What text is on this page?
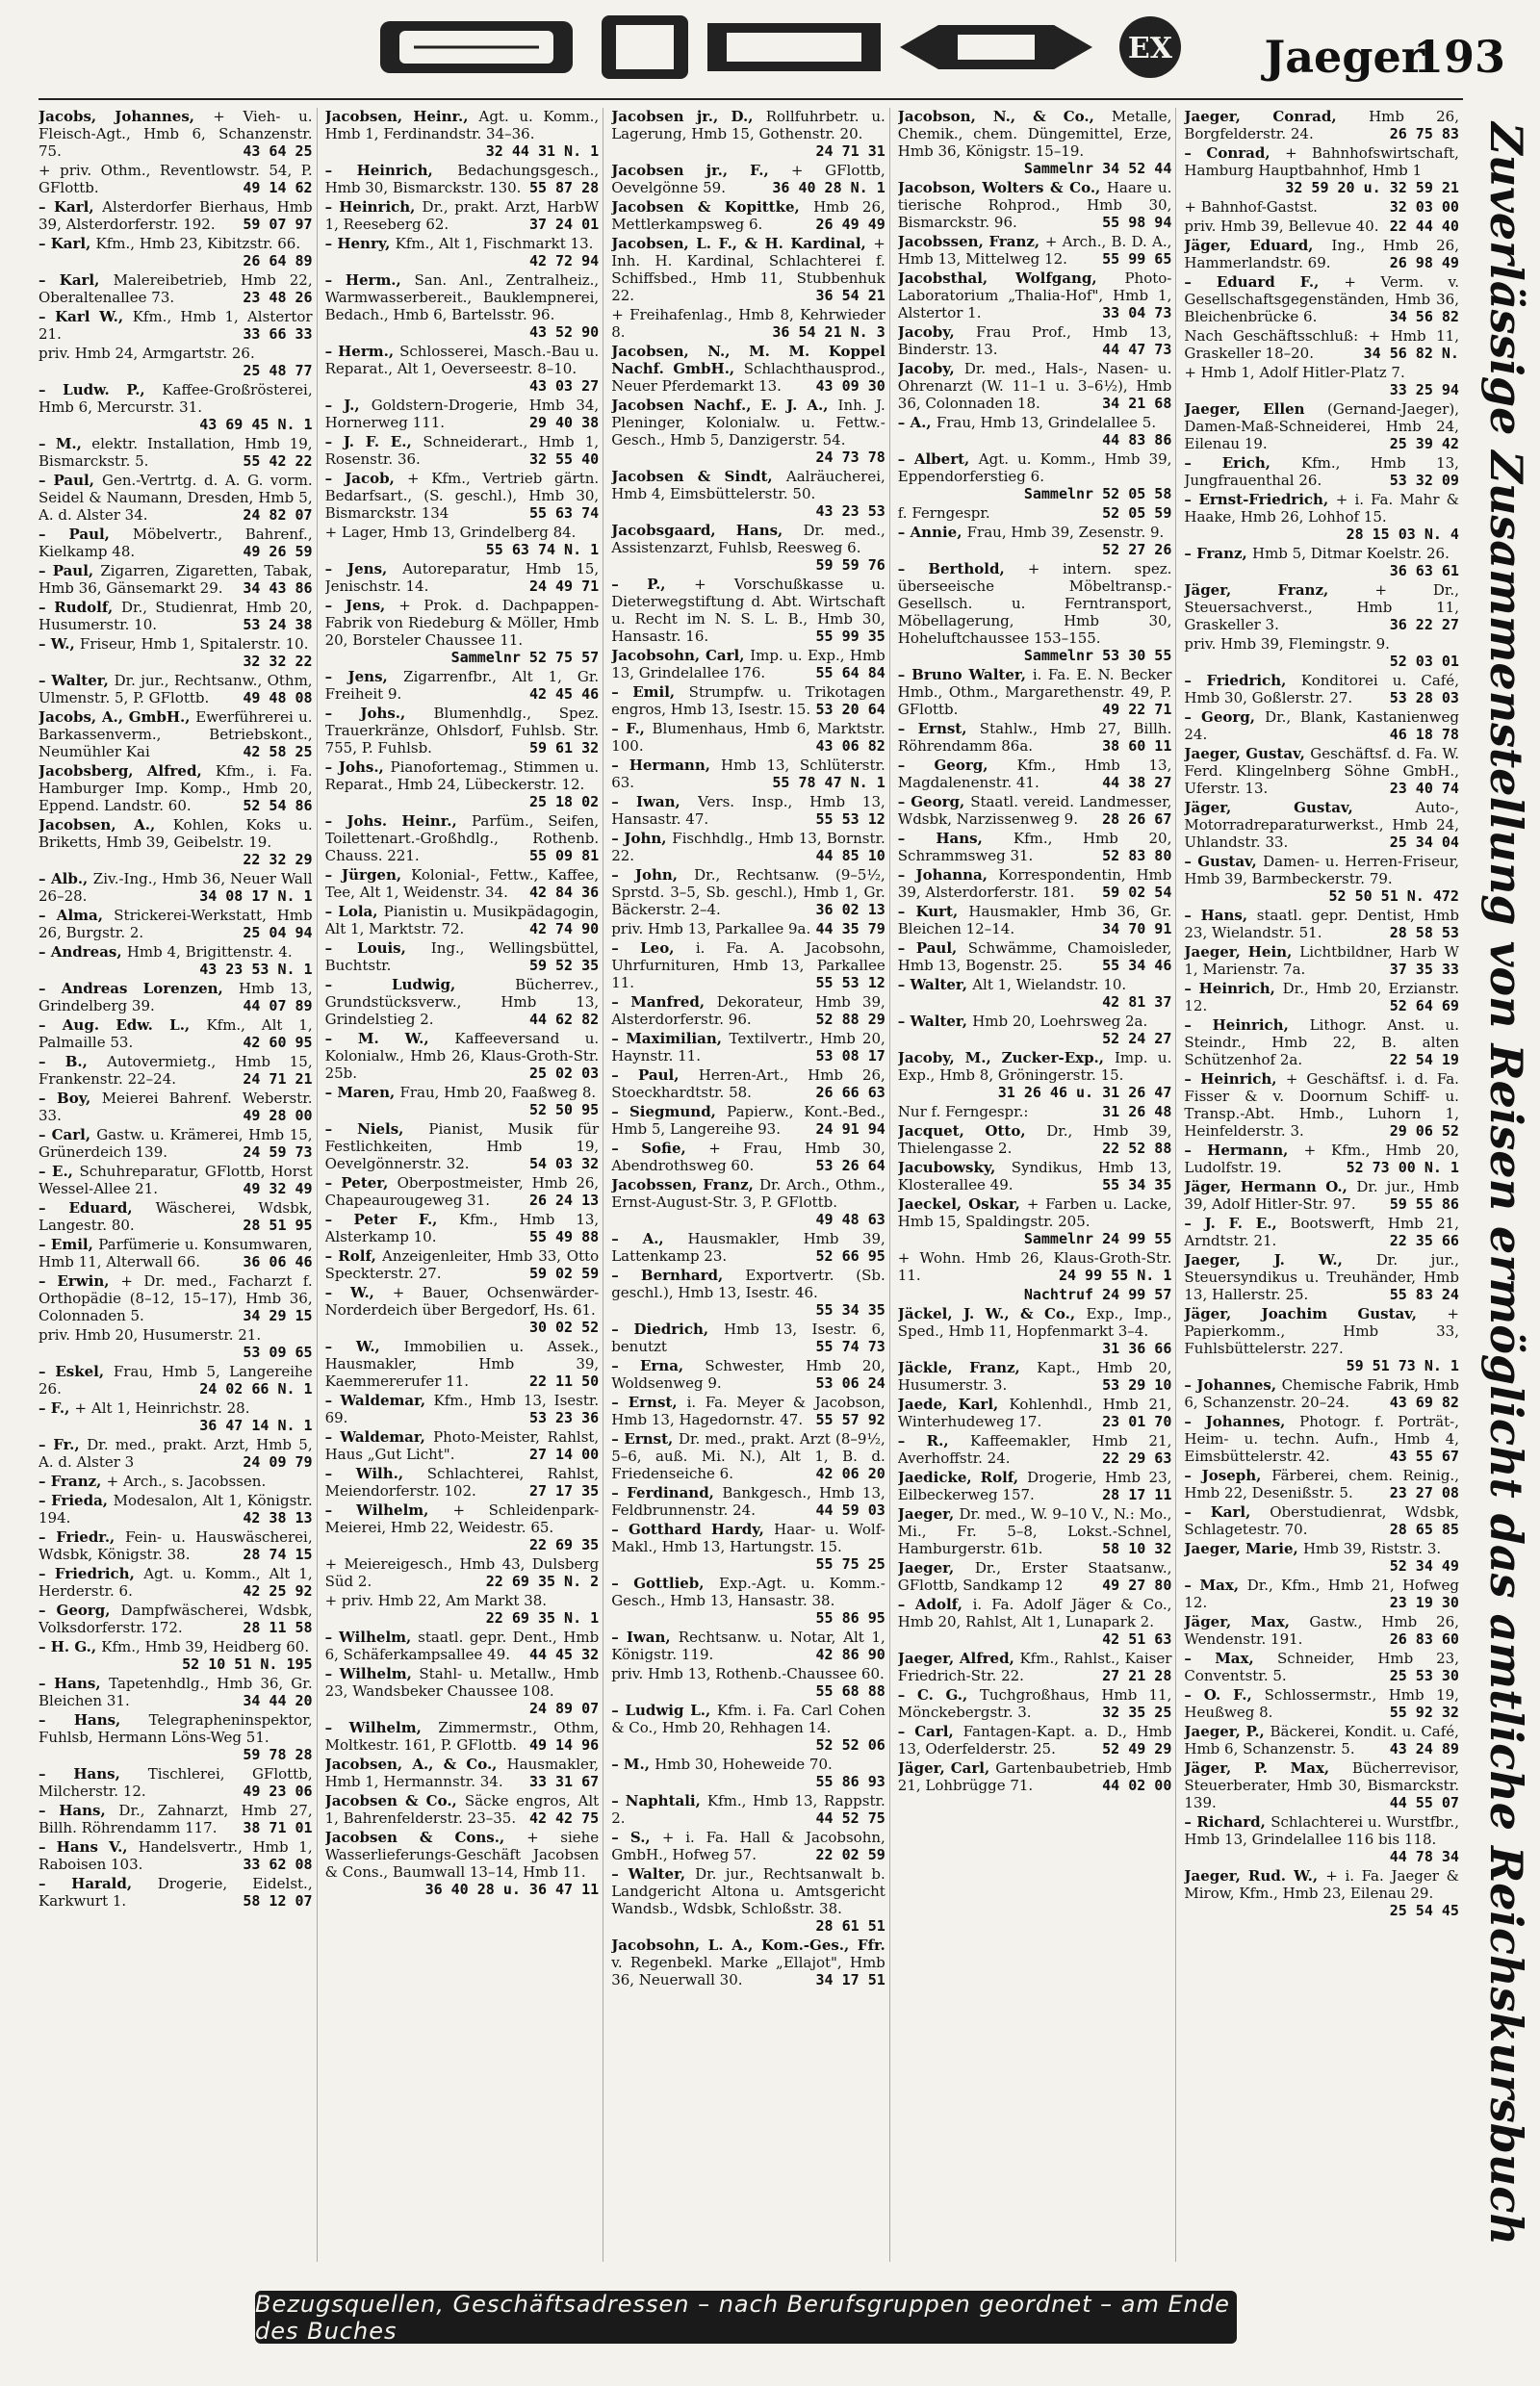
EX Jaeger
193
Jacobs, Johannes, + Vieh- u. Fleisch-Agt., Hmb 6, Schanzenstr. 75.	43 64 25
+ priv. Othm., Reventlowstr. 54, P. GFlottb.	49 14 62
– Karl, Alsterdorfer Bierhaus, Hmb 39, Alsterdorferstr. 192. 59 07 97
– Karl, Kfm., Hmb 23, Kibitzstr. 66.
26 64 89
– Karl, Malereibetrieb, Hmb 22, Oberaltenallee 73.	23 48 26
– Karl W., Kfm., Hmb 1, Alstertor 21.	33 66 33
priv. Hmb 24, Armgartstr. 26.
25 48 77
– Ludw. P., Kaffee-Großrösterei, Hmb 6, Mercurstr. 31.
43 69 45 N. 1
– M., elektr. Installation, Hmb 19, Bismarckstr. 5.	55 42 22
– Paul, Gen.-Vertrtg. d. A. G. vorm. Seidel & Naumann, Dresden, Hmb 5, A. d. Alster 34.	24 82 07
– Paul, Möbelvertr., Bahrenf., Kielkamp 48.	49 26 59
– Paul, Zigarren, Zigaretten, Tabak, Hmb 36, Gänsemarkt 29. 34 43 86
– Rudolf, Dr., Studienrat, Hmb 20, Husumerstr. 10.	53 24 38
– W., Friseur, Hmb 1, Spitalerstr. 10.
32 32 22
– Walter, Dr. jur., Rechtsanw., Othm, Ulmenstr. 5, P. GFlottb. 49 48 08
Jacobs, A., GmbH., Ewerführerei u. Barkassenverm., Betriebskont., Neumühler Kai	42 58 25
Jacobsberg, Alfred, Kfm., i. Fa. Hamburger Imp. Komp., Hmb 20, Eppend. Landstr. 60.	52 54 86
Jacobsen, A., Kohlen, Koks u. Briketts, Hmb 39, Geibelstr. 19.
22 32 29
– Alb., Ziv.-Ing., Hmb 36, Neuer Wall 26–28.	34 08 17 N. 1
– Alma, Strickerei-Werkstatt, Hmb 26, Burgstr. 2.	25 04 94
– Andreas, Hmb 4, Brigittenstr. 4.
43 23 53 N. 1
– Andreas Lorenzen, Hmb 13, Grindelberg 39.	44 07 89
– Aug. Edw. L., Kfm., Alt 1, Palmaille 53.	42 60 95
– B., Autovermietg., Hmb 15, Frankenstr. 22–24.	24 71 21
– Boy, Meierei Bahrenf. Weberstr. 33.	49 28 00
– Carl, Gastw. u. Krämerei, Hmb 15, Grünerdeich 139.	24 59 73
– E., Schuhreparatur, GFlottb, Horst Wessel-Allee 21.	49 32 49
– Eduard, Wäscherei, Wdsbk, Langestr. 80.	28 51 95
– Emil, Parfümerie u. Konsumwaren, Hmb 11, Alterwall 66.	36 06 46
– Erwin, + Dr. med., Facharzt f. Orthopädie (8–12, 15–17), Hmb 36, Colonnaden 5.	34 29 15
priv. Hmb 20, Husumerstr. 21.
53 09 65
– Eskel, Frau, Hmb 5, Langereihe 26.	24 02 66 N. 1
– F., + Alt 1, Heinrichstr. 28.
36 47 14 N. 1
– Fr., Dr. med., prakt. Arzt, Hmb 5, A. d. Alster 3	24 09 79
– Franz, + Arch., s. Jacobssen.
– Frieda, Modesalon, Alt 1, Königstr. 194.	42 38 13
– Friedr., Fein- u. Hauswäscherei, Wdsbk, Königstr. 38.	28 74 15
– Friedrich, Agt. u. Komm., Alt 1, Herderstr. 6.	42 25 92
– Georg, Dampfwäscherei, Wdsbk, Volksdorferstr. 172.	28 11 58
– H. G., Kfm., Hmb 39, Heidberg 60.
52 10 51 N. 195
– Hans, Tapetenhdlg., Hmb 36, Gr. Bleichen 31.	34 44 20
– Hans, Telegrapheninspektor, Fuhlsb, Hermann Löns-Weg 51.
59 78 28
– Hans, Tischlerei, GFlottb, Milcherstr. 12.	49 23 06
– Hans, Dr., Zahnarzt, Hmb 27, Billh. Röhrendamm 117. 38 71 01
– Hans V., Handelsvertr., Hmb 1, Raboisen 103.	33 62 08
– Harald, Drogerie, Eidelst., Karkwurt 1.	58 12 07
Jacobsen, Heinr., Agt. u. Komm., Hmb 1, Ferdinandstr. 34–36.
32 44 31 N. 1
– Heinrich, Bedachungsgesch., Hmb 30, Bismarckstr. 130. 55 87 28
– Heinrich, Dr., prakt. Arzt, HarbW 1, Reeseberg 62.	37 24 01
– Henry, Kfm., Alt 1, Fischmarkt 13.
42 72 94
– Herm., San. Anl., Zentralheiz., Warmwasserbereit., Bauklempnerei, Bedach., Hmb 6, Bartelsstr. 96.
43 52 90
– Herm., Schlosserei, Masch.-Bau u. Reparat., Alt 1, Oeverseestr. 8–10.
43 03 27
– J., Goldstern-Drogerie, Hmb 34, Hornerweg 111.	29 40 38
– J. F. E., Schneiderart., Hmb 1, Rosenstr. 36.	32 55 40
– Jacob, + Kfm., Vertrieb gärtn. Bedarfsart., (S. geschl.), Hmb 30, Bismarckstr. 134	55 63 74
+ Lager, Hmb 13, Grindelberg 84.
55 63 74 N. 1
– Jens, Autoreparatur, Hmb 15, Jenischstr. 14.	24 49 71
– Jens, + Prok. d. Dachpappen-Fabrik von Riedeburg & Möller, Hmb 20, Borsteler Chaussee 11.
Sammelnr 52 75 57
– Jens, Zigarrenfbr., Alt 1, Gr. Freiheit 9.	42 45 46
– Johs., Blumenhdlg., Spez. Trauerkränze, Ohlsdorf, Fuhlsb. Str. 755, P. Fuhlsb.	59 61 32
– Johs., Pianofortemag., Stimmen u. Reparat., Hmb 24, Lübeckerstr. 12.
25 18 02
– Johs. Heinr., Parfüm., Seifen, Toilettenart.-Großhdlg., Rothenb. Chauss. 221.	55 09 81
– Jürgen, Kolonial-, Fettw., Kaffee, Tee, Alt 1, Weidenstr. 34. 42 84 36
– Lola, Pianistin u. Musikpädagogin, Alt 1, Marktstr. 72.	42 74 90
– Louis, Ing., Wellingsbüttel, Buchtstr.	59 52 35
– Ludwig, Bücherrev., Grundstücksverw., Hmb 13, Grindelstieg 2.	44 62 82
– M. W., Kaffeeversand u. Kolonialw., Hmb 26, Klaus-Groth-Str. 25b.	25 02 03
– Maren, Frau, Hmb 20, Faaßweg 8.
52 50 95
– Niels, Pianist, Musik für Festlichkeiten, Hmb 19, Oevelgönnerstr. 32.	54 03 32
– Peter, Oberpostmeister, Hmb 26, Chapeaurougeweg 31.	26 24 13
– Peter F., Kfm., Hmb 13, Alsterkamp 10.	55 49 88
– Rolf, Anzeigenleiter, Hmb 33, Otto Speckterstr. 27.	59 02 59
– W., + Bauer, Ochsenwärder-Norderdeich über Bergedorf, Hs. 61.
30 02 52
– W., Immobilien u. Assek., Hausmakler, Hmb 39, Kaemmererufer 11.	22 11 50
– Waldemar, Kfm., Hmb 13, Isestr. 69.	53 23 36
– Waldemar, Photo-Meister, Rahlst, Haus „Gut Licht".	27 14 00
– Wilh., Schlachterei, Rahlst, Meiendorferstr. 102.	27 17 35
– Wilhelm, + Schleidenpark-Meierei, Hmb 22, Weidestr. 65.
22 69 35
+ Meiereigesch., Hmb 43, Dulsberg Süd 2.	22 69 35 N. 2
+ priv. Hmb 22, Am Markt 38.
22 69 35 N. 1
– Wilhelm, staatl. gepr. Dent., Hmb 6, Schäferkampsallee 49. 44 45 32
– Wilhelm, Stahl- u. Metallw., Hmb 23, Wandsbeker Chaussee 108.
24 89 07
– Wilhelm, Zimmermstr., Othm, Moltkestr. 161, P. GFlottb. 49 14 96
Jacobsen, A., & Co., Hausmakler, Hmb 1, Hermannstr. 34. 33 31 67
Jacobsen & Co., Säcke engros, Alt 1, Bahrenfelderstr. 23–35. 42 42 75
Jacobsen & Cons., + siehe Wasserlieferungs-Geschäft Jacobsen & Cons., Baumwall 13–14, Hmb 11.
36 40 28 u. 36 47 11
Jacobsen jr., D., Rollfuhrbetr. u. Lagerung, Hmb 15, Gothenstr. 20.
24 71 31
Jacobsen jr., F., + GFlottb, Oevelgönne 59.	36 40 28 N. 1
Jacobsen & Kopittke, Hmb 26, Mettlerkampsweg 6.	26 49 49
Jacobsen, L. F., & H. Kardinal, + Inh. H. Kardinal, Schlachterei f. Schiffsbed., Hmb 11, Stubbenhuk 22.	36 54 21
+ Freihafenlag., Hmb 8, Kehrwieder 8.	36 54 21 N. 3
Jacobsen, N., M. M. Koppel Nachf. GmbH., Schlachthausprod., Neuer Pferdemarkt 13. 43 09 30
Jacobsen Nachf., E. J. A., Inh. J. Pleninger, Kolonialw. u. Fettw.-Gesch., Hmb 5, Danzigerstr. 54.
24 73 78
Jacobsen & Sindt, Aalräucherei, Hmb 4, Eimsbüttelerstr. 50.
43 23 53
Jacobsgaard, Hans, Dr. med., Assistenzarzt, Fuhlsb, Reesweg 6.
59 59 76
– P., + Vorschußkasse u. Dieterwegstiftung d. Abt. Wirtschaft u. Recht im N. S. L. B., Hmb 30, Hansastr. 16.	55 99 35
Jacobsohn, Carl, Imp. u. Exp., Hmb 13, Grindelallee 176.	55 64 84
– Emil, Strumpfw. u. Trikotagen engros, Hmb 13, Isestr. 15. 53 20 64
– F., Blumenhaus, Hmb 6, Marktstr. 100.	43 06 82
– Hermann, Hmb 13, Schlüterstr. 63.	55 78 47 N. 1
– Iwan, Vers. Insp., Hmb 13, Hansastr. 47.	55 53 12
– John, Fischhdlg., Hmb 13, Bornstr. 22.	44 85 10
– John, Dr., Rechtsanw. (9–5½, Sprstd. 3–5, Sb. geschl.), Hmb 1, Gr. Bäckerstr. 2–4.	36 02 13
priv. Hmb 13, Parkallee 9a. 44 35 79
– Leo, i. Fa. A. Jacobsohn, Uhrfurnituren, Hmb 13, Parkallee 11.	55 53 12
– Manfred, Dekorateur, Hmb 39, Alsterdorferstr. 96.	52 88 29
– Maximilian, Textilvertr., Hmb 20, Haynstr. 11.	53 08 17
– Paul, Herren-Art., Hmb 26, Stoeckhardtstr. 58.	26 66 63
– Siegmund, Papierw., Kont.-Bed., Hmb 5, Langereihe 93. 24 91 94
– Sofie, + Frau, Hmb 30, Abendrothsweg 60.	53 26 64
Jacobssen, Franz, Dr. Arch., Othm., Ernst-August-Str. 3, P. GFlottb.
49 48 63
– A., Hausmakler, Hmb 39, Lattenkamp 23.	52 66 95
– Bernhard, Exportvertr. (Sb. geschl.), Hmb 13, Isestr. 46.
55 34 35
– Diedrich, Hmb 13, Isestr. 6, benutzt	55 74 73
– Erna, Schwester, Hmb 20, Woldsenweg 9.	53 06 24
– Ernst, i. Fa. Meyer & Jacobson, Hmb 13, Hagedornstr. 47. 55 57 92
– Ernst, Dr. med., prakt. Arzt (8–9½, 5–6, auß. Mi. N.), Alt 1, B. d. Friedenseiche 6.	42 06 20
– Ferdinand, Bankgesch., Hmb 13, Feldbrunnenstr. 24.	44 59 03
– Gotthard Hardy, Haar- u. Wolf-Makl., Hmb 13, Hartungstr. 15.
55 75 25
– Gottlieb, Exp.-Agt. u. Komm.-Gesch., Hmb 13, Hansastr. 38.
55 86 95
– Iwan, Rechtsanw. u. Notar, Alt 1, Königstr. 119.	42 86 90
priv. Hmb 13, Rothenb.-Chaussee 60.
55 68 88
– Ludwig L., Kfm. i. Fa. Carl Cohen & Co., Hmb 20, Rehhagen 14.
52 52 06
– M., Hmb 30, Hoheweide 70.
55 86 93
– Naphtali, Kfm., Hmb 13, Rappstr. 2.	44 52 75
– S., + i. Fa. Hall & Jacobsohn, GmbH., Hofweg 57.	22 02 59
– Walter, Dr. jur., Rechtsanwalt b. Landgericht Altona u. Amtsgericht Wandsb., Wdsbk, Schloßstr. 38.
28 61 51
Jacobsohn, L. A., Kom.-Ges., Ffr. v. Regenbekl. Marke „Ellajot", Hmb 36, Neuerwall 30.	34 17 51
Jacobson, N., & Co., Metalle, Chemik., chem. Düngemittel, Erze, Hmb 36, Königstr. 15–19.
Sammelnr 34 52 44
Jacobson, Wolters & Co., Haare u. tierische Rohprod., Hmb 30, Bismarckstr. 96.	55 98 94
Jacobssen, Franz, + Arch., B. D. A., Hmb 13, Mittelweg 12. 55 99 65
Jacobsthal, Wolfgang, Photo-Laboratorium „Thalia-Hof", Hmb 1, Alstertor 1.	33 04 73
Jacoby, Frau Prof., Hmb 13, Binderstr. 13.	44 47 73
Jacoby, Dr. med., Hals-, Nasen- u. Ohrenarzt (W. 11–1 u. 3–6½), Hmb 36, Colonnaden 18.	34 21 68
– A., Frau, Hmb 13, Grindelallee 5.
44 83 86
– Albert, Agt. u. Komm., Hmb 39, Eppendorferstieg 6.
Sammelnr 52 05 58
f. Ferngespr.	52 05 59
– Annie, Frau, Hmb 39, Zesenstr. 9.
52 27 26
– Berthold, + intern. spez. überseeische Möbeltransp.-Gesellsch. u. Ferntransport, Möbellagerung, Hmb 30, Hoheluftchaussee 153–155.
Sammelnr 53 30 55
– Bruno Walter, i. Fa. E. N. Becker Hmb., Othm., Margarethenstr. 49, P. GFlottb.	49 22 71
– Ernst, Stahlw., Hmb 27, Billh. Röhrendamm 86a.	38 60 11
– Georg, Kfm., Hmb 13, Magdalenenstr. 41.	44 38 27
– Georg, Staatl. vereid. Landmesser, Wdsbk, Narzissenweg 9. 28 26 67
– Hans, Kfm., Hmb 20, Schrammsweg 31.	52 83 80
– Johanna, Korrespondentin, Hmb 39, Alsterdorferstr. 181. 59 02 54
– Kurt, Hausmakler, Hmb 36, Gr. Bleichen 12–14.	34 70 91
– Paul, Schwämme, Chamoisleder, Hmb 13, Bogenstr. 25.	55 34 46
– Walter, Alt 1, Wielandstr. 10.
42 81 37
– Walter, Hmb 20, Loehrsweg 2a.
52 24 27
Jacoby, M., Zucker-Exp., Imp. u. Exp., Hmb 8, Gröningerstr. 15.
31 26 46 u. 31 26 47
Nur f. Ferngespr.:	31 26 48
Jacquet, Otto, Dr., Hmb 39, Thielengasse 2.	22 52 88
Jacubowsky, Syndikus, Hmb 13, Klosterallee 49.	55 34 35
Jaeckel, Oskar, + Farben u. Lacke, Hmb 15, Spaldingstr. 205.
Sammelnr 24 99 55
+ Wohn. Hmb 26, Klaus-Groth-Str. 11.	24 99 55 N. 1
Nachtruf 24 99 57
Jäckel, J. W., & Co., Exp., Imp., Sped., Hmb 11, Hopfenmarkt 3–4.
31 36 66
Jäckle, Franz, Kapt., Hmb 20, Husumerstr. 3.	53 29 10
Jaede, Karl, Kohlenhdl., Hmb 21, Winterhudeweg 17.	23 01 70
– R., Kaffeemakler, Hmb 21, Averhoffstr. 24.	22 29 63
Jaedicke, Rolf, Drogerie, Hmb 23, Eilbeckerweg 157.	28 17 11
Jaeger, Dr. med., W. 9–10 V., N.: Mo., Mi., Fr. 5–8, Lokst.-Schnel, Hamburgerstr. 61b.	58 10 32
Jaeger, Dr., Erster Staatsanw., GFlottb, Sandkamp 12	49 27 80
– Adolf, i. Fa. Adolf Jäger & Co., Hmb 20, Rahlst, Alt 1, Lunapark 2.
42 51 63
Jaeger, Alfred, Kfm., Rahlst., Kaiser Friedrich-Str. 22.	27 21 28
– C. G., Tuchgroßhaus, Hmb 11, Mönckebergstr. 3.	32 35 25
– Carl, Fantagen-Kapt. a. D., Hmb 13, Oderfelderstr. 25.	52 49 29
Jäger, Carl, Gartenbaubetrieb, Hmb 21, Lohbrügge 71.	44 02 00
Jaeger, Conrad, Hmb 26, Borgfelderstr. 24.	26 75 83
– Conrad, + Bahnhofswirtschaft, Hamburg Hauptbahnhof, Hmb 1
32 59 20 u. 32 59 21
+ Bahnhof-Gastst.	32 03 00
priv. Hmb 39, Bellevue 40. 22 44 40
Jäger, Eduard, Ing., Hmb 26, Hammerlandstr. 69.	26 98 49
– Eduard F., + Verm. v. Gesellschaftsgegenständen, Hmb 36, Bleichenbrücke 6.	34 56 82
Nach Geschäftsschluß: + Hmb 11, Graskeller 18–20.	34 56 82 N.
+ Hmb 1, Adolf Hitler-Platz 7.
33 25 94
Jaeger, Ellen (Gernand-Jaeger), Damen-Maß-Schneiderei, Hmb 24, Eilenau 19.	25 39 42
– Erich, Kfm., Hmb 13, Jungfrauenthal 26.	53 32 09
– Ernst-Friedrich, + i. Fa. Mahr & Haake, Hmb 26, Lohhof 15.
28 15 03 N. 4
– Franz, Hmb 5, Ditmar Koelstr. 26.
36 63 61
Jäger, Franz, + Dr., Steuersachverst., Hmb 11, Graskeller 3.	36 22 27
priv. Hmb 39, Flemingstr. 9.
52 03 01
– Friedrich, Konditorei u. Café, Hmb 30, Goßlerstr. 27.	53 28 03
– Georg, Dr., Blank, Kastanienweg 24.	46 18 78
Jaeger, Gustav, Geschäftsf. d. Fa. W. Ferd. Klingelnberg Söhne GmbH., Uferstr. 13.	23 40 74
Jäger, Gustav, Auto-, Motorradreparaturwerkst., Hmb 24, Uhlandstr. 33.	25 34 04
– Gustav, Damen- u. Herren-Friseur, Hmb 39, Barmbeckerstr. 79.
52 50 51 N. 472
– Hans, staatl. gepr. Dentist, Hmb 23, Wielandstr. 51.	28 58 53
Jaeger, Hein, Lichtbildner, Harb W 1, Marienstr. 7a.	37 35 33
– Heinrich, Dr., Hmb 20, Erzianstr. 12.	52 64 69
– Heinrich, Lithogr. Anst. u. Steindr., Hmb 22, B. alten Schützenhof 2a.	22 54 19
– Heinrich, + Geschäftsf. i. d. Fa. Fisser & v. Doornum Schiff- u. Transp.-Abt. Hmb., Luhorn 1, Heinfelderstr. 3.	29 06 52
– Hermann, + Kfm., Hmb 20, Ludolfstr. 19.	52 73 00 N. 1
Jäger, Hermann O., Dr. jur., Hmb 39, Adolf Hitler-Str. 97. 59 55 86
– J. F. E., Bootswerft, Hmb 21, Arndtstr. 21.	22 35 66
Jaeger, J. W., Dr. jur., Steuersyndikus u. Treuhänder, Hmb 13, Hallerstr. 25.	55 83 24
Jäger, Joachim Gustav, + Papierkomm., Hmb 33, Fuhlsbüttelerstr. 227.
59 51 73 N. 1
– Johannes, Chemische Fabrik, Hmb 6, Schanzenstr. 20–24.	43 69 82
– Johannes, Photogr. f. Porträt-, Heim- u. techn. Aufn., Hmb 4, Eimsbüttelerstr. 42.	43 55 67
– Joseph, Färberei, chem. Reinig., Hmb 22, Desenißstr. 5.	23 27 08
– Karl, Oberstudienrat, Wdsbk, Schlagetestr. 70.	28 65 85
Jaeger, Marie, Hmb 39, Riststr. 3.
52 34 49
– Max, Dr., Kfm., Hmb 21, Hofweg 12.	23 19 30
Jäger, Max, Gastw., Hmb 26, Wendenstr. 191.	26 83 60
– Max, Schneider, Hmb 23, Conventstr. 5.	25 53 30
– O. F., Schlossermstr., Hmb 19, Heußweg 8.	55 92 32
Jaeger, P., Bäckerei, Kondit. u. Café, Hmb 6, Schanzenstr. 5. 43 24 89
Jäger, P. Max, Bücherrevisor, Steuerberater, Hmb 30, Bismarckstr. 139.	44 55 07
– Richard, Schlachterei u. Wurstfbr., Hmb 13, Grindelallee 116 bis 118.
44 78 34
Jaeger, Rud. W., + i. Fa. Jaeger & Mirow, Kfm., Hmb 23, Eilenau 29.
25 54 45 Zuverlässige Zusammenstellung von Reisen ermöglicht das amtliche Reichskursbuch
Bezugsquellen, Geschäftsadressen – nach Berufsgruppen geordnet – am Ende des Buches
